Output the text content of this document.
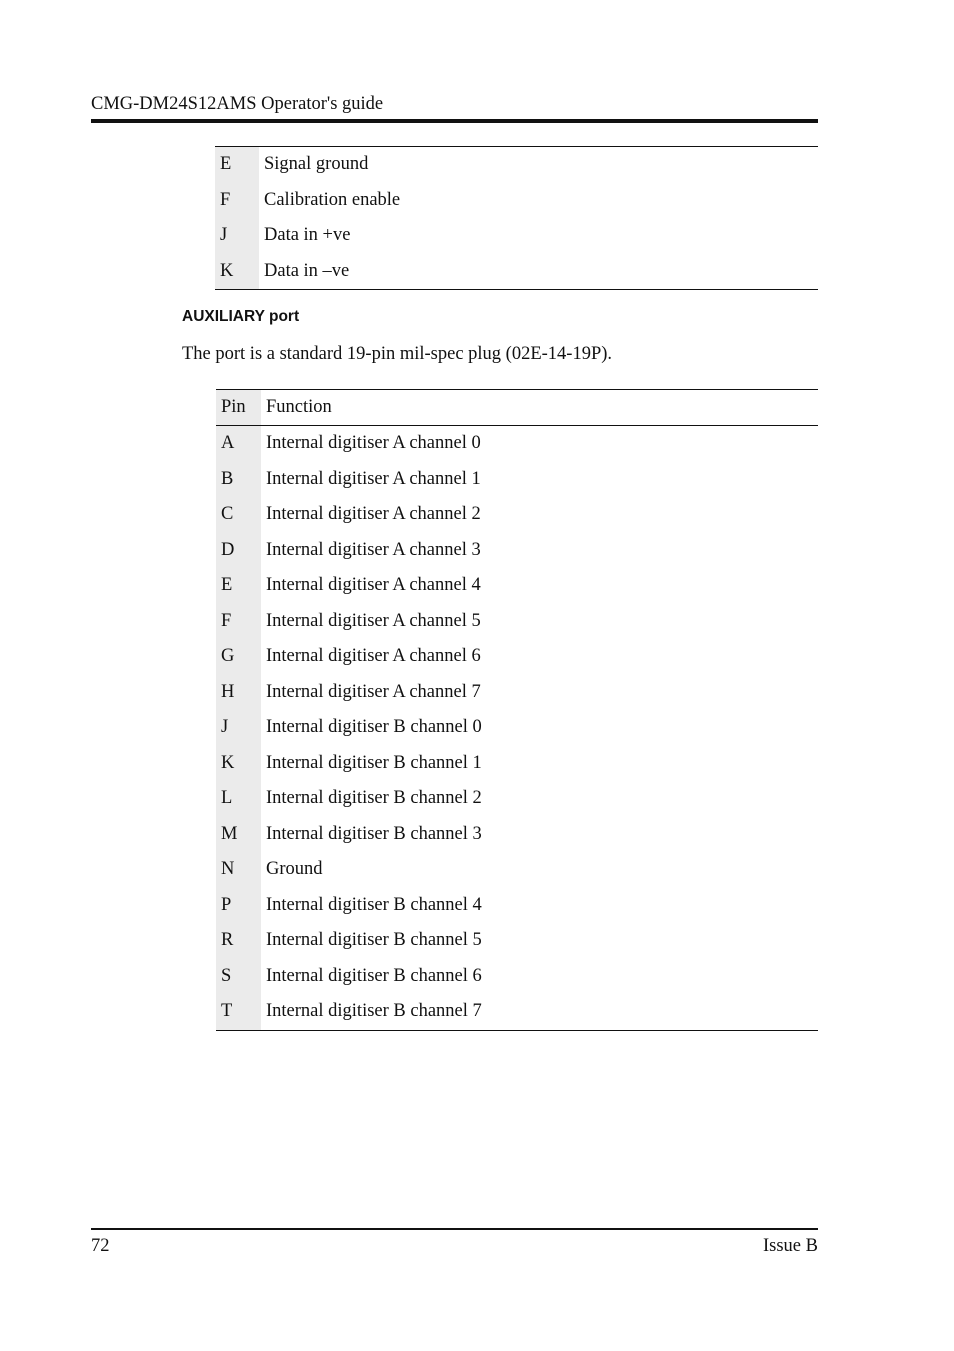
CMG-DM24S12AMS Operator's guide
E	Signal ground
F	Calibration enable
J	Data in +ve
K	Data in –ve
AUXILIARY port
The port is a standard 19-pin mil-spec plug (02E-14-19P).
Pin	Function
A	Internal digitiser A channel 0
B	Internal digitiser A channel 1
C	Internal digitiser A channel 2
D	Internal digitiser A channel 3
E	Internal digitiser A channel 4
F	Internal digitiser A channel 5
G	Internal digitiser A channel 6
H	Internal digitiser A channel 7
J	Internal digitiser B channel 0
K	Internal digitiser B channel 1
L	Internal digitiser B channel 2
M	Internal digitiser B channel 3
N	Ground
P	Internal digitiser B channel 4
R	Internal digitiser B channel 5
S	Internal digitiser B channel 6
T	Internal digitiser B channel 7
72	Issue B
